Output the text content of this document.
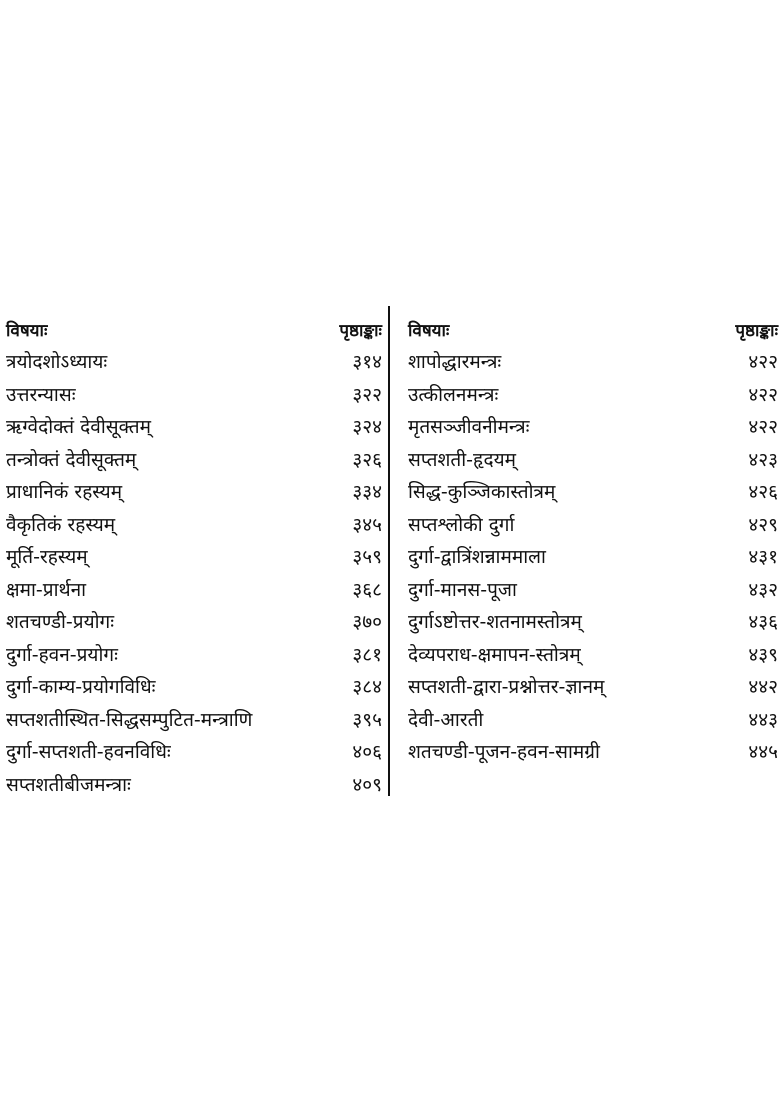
विषयाः	पृष्ठाङ्काः
त्रयोदशोऽध्यायः	३१४
उत्तरन्यासः	३२२
ऋग्वेदोक्तं देवीसूक्तम्	३२४
तन्त्रोक्तं देवीसूक्तम्	३२६
प्राधानिकं रहस्यम्	३३४
वैकृतिकं रहस्यम्	३४५
मूर्ति-रहस्यम्	३५९
क्षमा-प्रार्थना	३६८
शतचण्डी-प्रयोगः	३७०
दुर्गा-हवन-प्रयोगः	३८१
दुर्गा-काम्य-प्रयोगविधिः	३८४
सप्तशतीस्थित-सिद्धसम्पुटित-मन्त्राणि	३९५
दुर्गा-सप्तशती-हवनविधिः	४०६
सप्तशतीबीजमन्त्राः	४०९
विषयाः	पृष्ठाङ्काः
शापोद्धारमन्त्रः	४२२
उत्कीलनमन्त्रः	४२२
मृतसञ्जीवनीमन्त्रः	४२२
सप्तशती-हृदयम्	४२३
सिद्ध-कुञ्जिकास्तोत्रम्	४२६
सप्तश्लोकी दुर्गा	४२९
दुर्गा-द्वात्रिंशन्नाममाला	४३१
दुर्गा-मानस-पूजा	४३२
दुर्गाऽष्टोत्तर-शतनामस्तोत्रम्	४३६
देव्यपराध-क्षमापन-स्तोत्रम्	४३९
सप्तशती-द्वारा-प्रश्नोत्तर-ज्ञानम्	४४२
देवी-आरती	४४३
शतचण्डी-पूजन-हवन-सामग्री	४४५
